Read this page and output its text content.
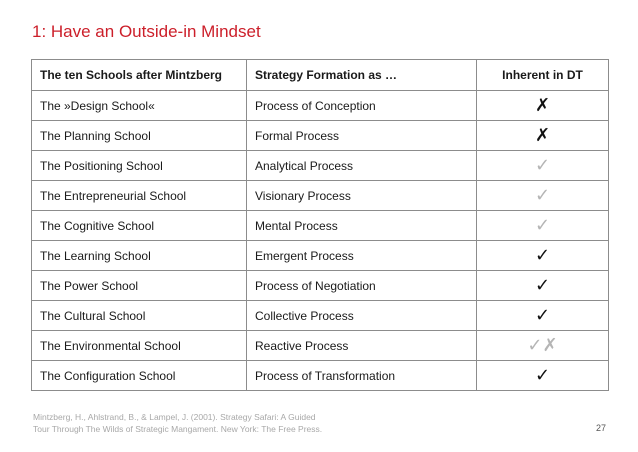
1: Have an Outside-in Mindset
The ten Schools after Mintzberg	Strategy Formation as …	Inherent in DT
The »Design School«	Process of Conception	✗
The Planning School	Formal Process	✗
The Positioning School	Analytical Process	✓
The Entrepreneurial School	Visionary Process	✓
The Cognitive School	Mental Process	✓
The Learning School	Emergent Process	✓
The Power School	Process of Negotiation	✓
The Cultural School	Collective Process	✓
The Environmental School	Reactive Process	✓✗
The Configuration School	Process of Transformation	✓
Mintzberg, H., Ahlstrand, B., & Lampel, J. (2001). Strategy Safari: A Guided
Tour Through The Wilds of Strategic Mangament. New York: The Free Press.	27
